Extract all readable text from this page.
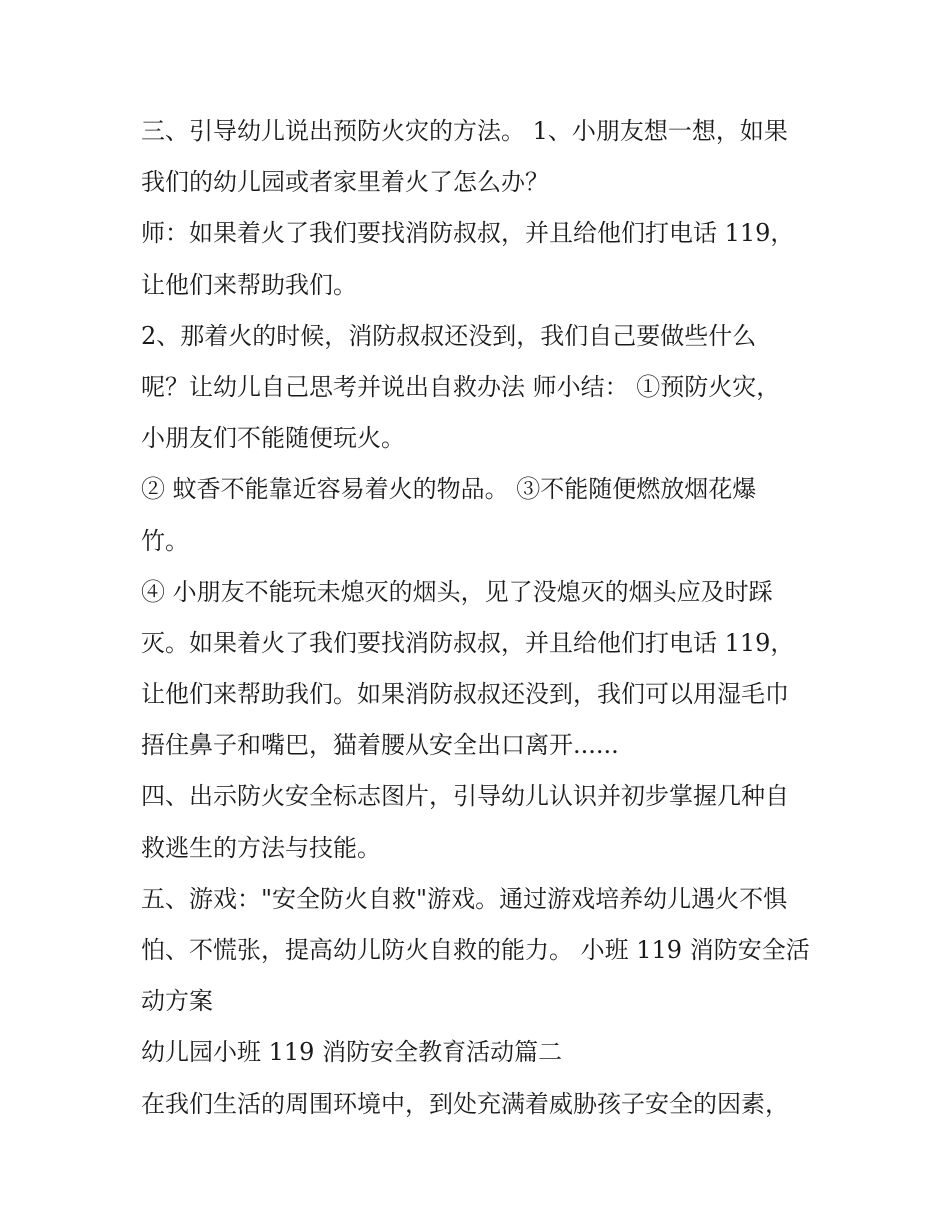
三、引导幼儿说出预防火灾的方法。 1、小朋友想一想，如果
我们的幼儿园或者家里着火了怎么办？
师：如果着火了我们要找消防叔叔，并且给他们打电话 119，
让他们来帮助我们。
2、那着火的时候，消防叔叔还没到，我们自己要做些什么
呢？让幼儿自己思考并说出自救办法 师小结： ①预防火灾，
小朋友们不能随便玩火。
② 蚊香不能靠近容易着火的物品。 ③不能随便燃放烟花爆
竹。
④ 小朋友不能玩未熄灭的烟头，见了没熄灭的烟头应及时踩
灭。如果着火了我们要找消防叔叔，并且给他们打电话 119，
让他们来帮助我们。如果消防叔叔还没到，我们可以用湿毛巾
捂住鼻子和嘴巴，猫着腰从安全出口离开......
四、出示防火安全标志图片，引导幼儿认识并初步掌握几种自
救逃生的方法与技能。
五、游戏："安全防火自救"游戏。通过游戏培养幼儿遇火不惧
怕、不慌张，提高幼儿防火自救的能力。 小班 119 消防安全活
动方案
幼儿园小班 119 消防安全教育活动篇二
在我们生活的周围环境中，到处充满着威胁孩子安全的因素，
